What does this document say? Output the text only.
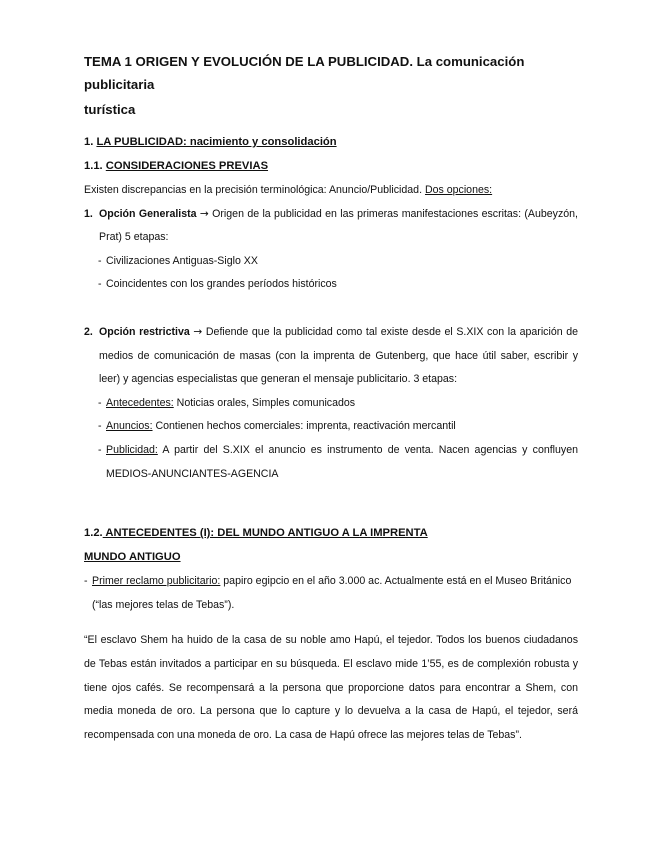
TEMA 1 ORIGEN Y EVOLUCIÓN DE LA PUBLICIDAD. La comunicación publicitaria
turística

1. LA PUBLICIDAD: nacimiento y consolidación

1.1. CONSIDERACIONES PREVIAS

Existen discrepancias en la precisión terminológica: Anuncio/Publicidad. Dos opciones:

1. Opción Generalista → Origen de la publicidad en las primeras manifestaciones escritas: (Aubeyzón, Prat) 5 etapas:
- Civilizaciones Antiguas-Siglo XX
- Coincidentes con los grandes períodos históricos
2. Opción restrictiva → Defiende que la publicidad como tal existe desde el S.XIX con la aparición de medios de comunicación de masas (con la imprenta de Gutenberg, que hace útil saber, escribir y leer) y agencias especialistas que generan el mensaje publicitario. 3 etapas:
- Antecedentes: Noticias orales, Simples comunicados
- Anuncios: Contienen hechos comerciales: imprenta, reactivación mercantil
- Publicidad: A partir del S.XIX el anuncio es instrumento de venta. Nacen agencias y confluyen MEDIOS-ANUNCIANTES-AGENCIA

1.2. ANTECEDENTES (I): DEL MUNDO ANTIGUO A LA IMPRENTA

MUNDO ANTIGUO

- Primer reclamo publicitario: papiro egipcio en el año 3.000 ac. Actualmente está en el Museo Británico (“las mejores telas de Tebas”).

“El esclavo Shem ha huido de la casa de su noble amo Hapú, el tejedor. Todos los buenos ciudadanos de Tebas están invitados a participar en su búsqueda. El esclavo mide 1’55, es de complexión robusta y tiene ojos cafés. Se recompensará a la persona que proporcione datos para encontrar a Shem, con media moneda de oro. La persona que lo capture y lo devuelva a la casa de Hapú, el tejedor, será recompensada con una moneda de oro. La casa de Hapú ofrece las mejores telas de Tebas”.
